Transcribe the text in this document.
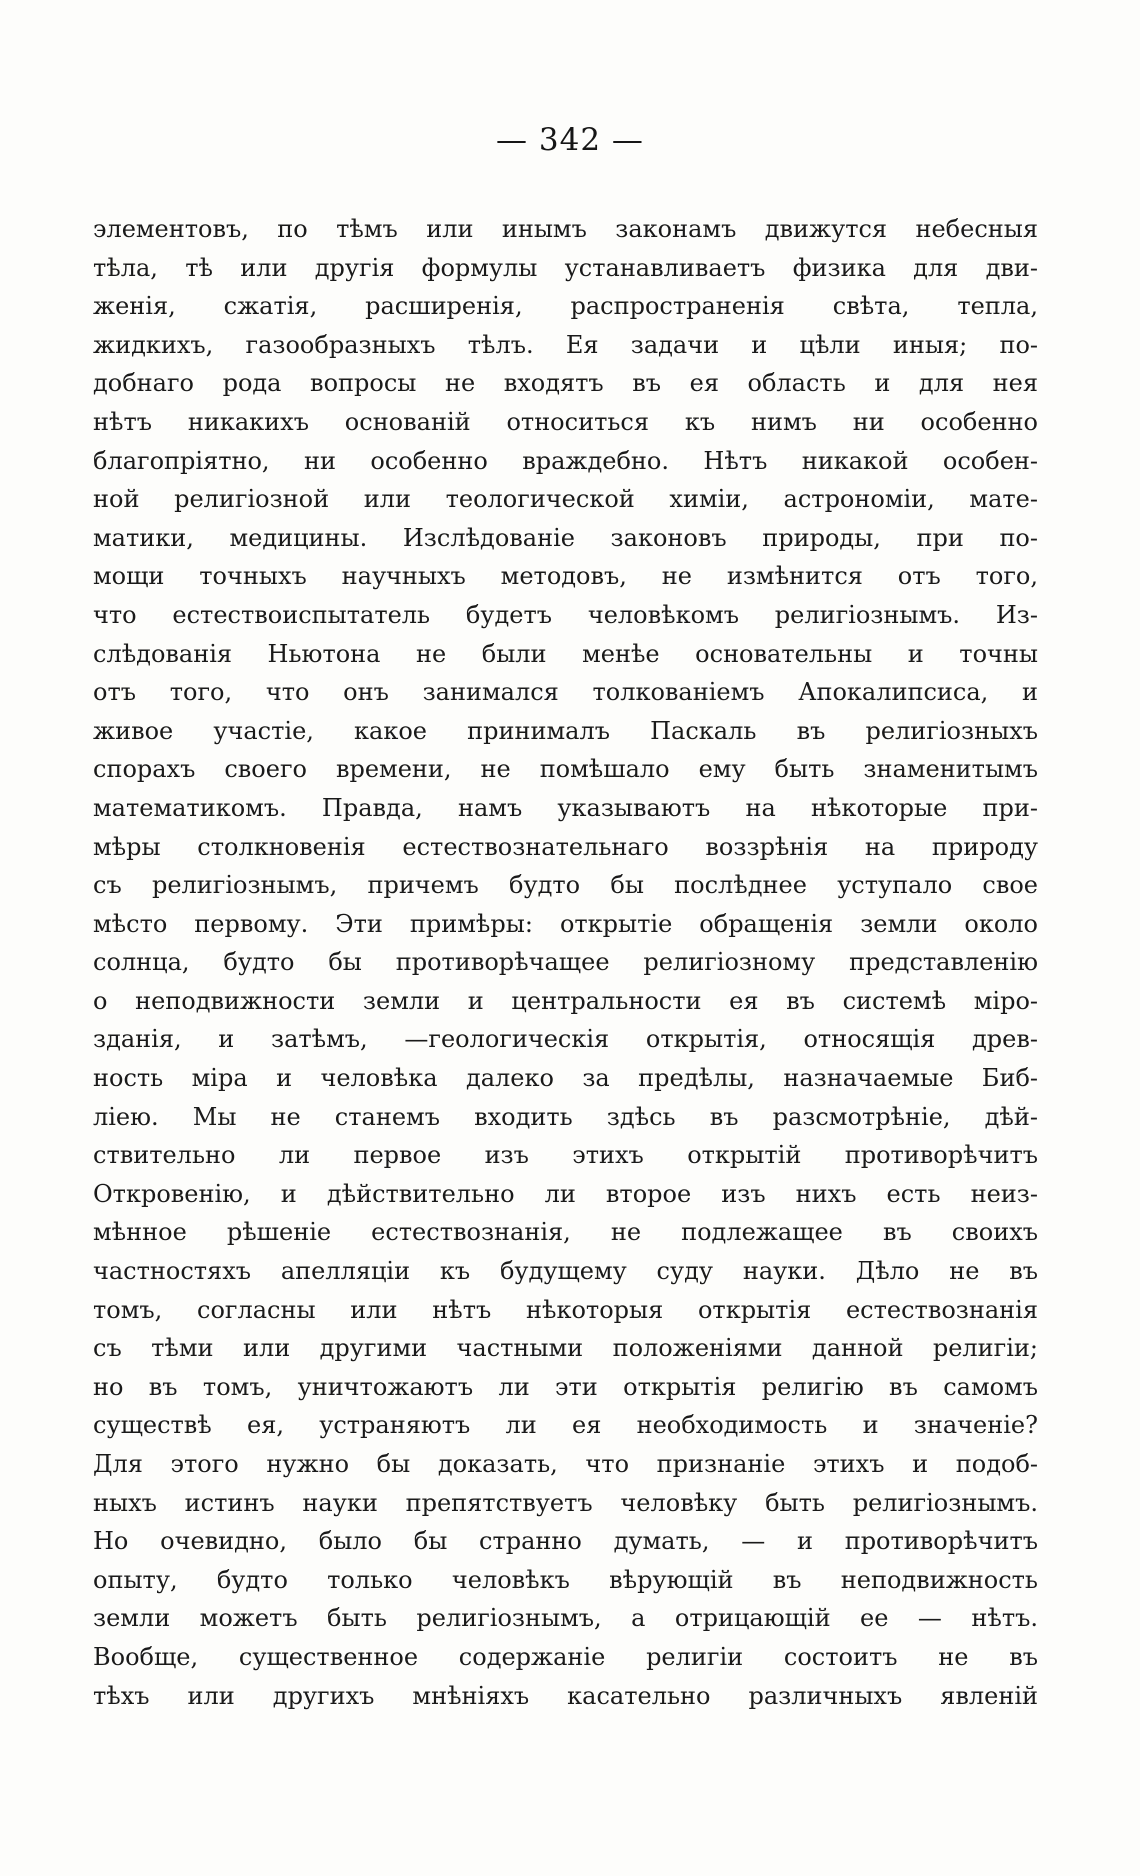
— 342 —

элементовъ, по тѣмъ или инымъ законамъ движутся небесныя
тѣла, тѣ или другія формулы устанавливаетъ физика для дви-
женія, сжатія, расширенія, распространенія свѣта, тепла,
жидкихъ, газообразныхъ тѣлъ. Ея задачи и цѣли иныя; по-
добнаго рода вопросы не входятъ въ ея область и для нея
нѣтъ никакихъ основаній относиться къ нимъ ни особенно
благопріятно, ни особенно враждебно. Нѣтъ никакой особен-
ной религіозной или теологической химіи, астрономіи, мате-
матики, медицины. Изслѣдованіе законовъ природы, при по-
мощи точныхъ научныхъ методовъ, не измѣнится отъ того,
что естествоиспытатель будетъ человѣкомъ религіознымъ. Из-
слѣдованія Ньютона не были менѣе основательны и точны
отъ того, что онъ занимался толкованіемъ Апокалипсиса, и
живое участіе, какое принималъ Паскаль въ религіозныхъ
спорахъ своего времени, не помѣшало ему быть знаменитымъ
математикомъ. Правда, намъ указываютъ на нѣкоторые при-
мѣры столкновенія естествознательнаго воззрѣнія на природу
съ религіознымъ, причемъ будто бы послѣднее уступало свое
мѣсто первому. Эти примѣры: открытіе обращенія земли около
солнца, будто бы противорѣчащее религіозному представленію
о неподвижности земли и центральности ея въ системѣ міро-
зданія, и затѣмъ, —геологическія открытія, относящія древ-
ность міра и человѣка далеко за предѣлы, назначаемые Биб-
ліею. Мы не станемъ входить здѣсь въ разсмотрѣніе, дѣй-
ствительно ли первое изъ этихъ открытій противорѣчитъ
Откровенію, и дѣйствительно ли второе изъ нихъ есть неиз-
мѣнное рѣшеніе естествознанія, не подлежащее въ своихъ
частностяхъ апелляціи къ будущему суду науки. Дѣло не въ
томъ, согласны или нѣтъ нѣкоторыя открытія естествознанія
съ тѣми или другими частными положеніями данной религіи;
но въ томъ, уничтожаютъ ли эти открытія религію въ самомъ
существѣ ея, устраняютъ ли ея необходимость и значеніе?
Для этого нужно бы доказать, что признаніе этихъ и подоб-
ныхъ истинъ науки препятствуетъ человѣку быть религіознымъ.
Но очевидно, было бы странно думать, — и противорѣчитъ
опыту, будто только человѣкъ вѣрующій въ неподвижность
земли можетъ быть религіознымъ, а отрицающій ее — нѣтъ.
Вообще, существенное содержаніе религіи состоитъ не въ
тѣхъ или другихъ мнѣніяхъ касательно различныхъ явленій
